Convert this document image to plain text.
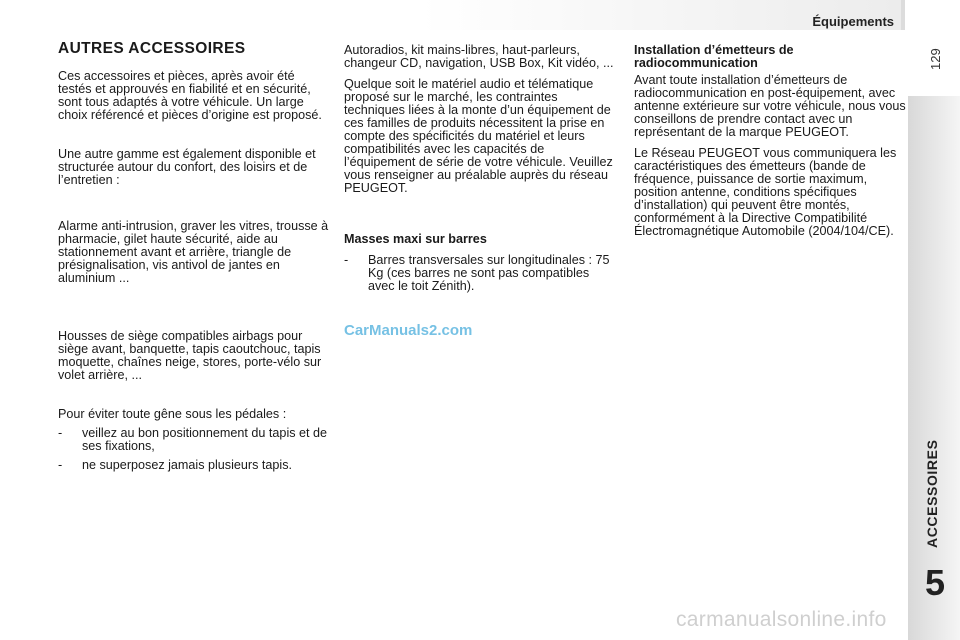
Équipements
129
ACCESSOIRES
5
AUTRES ACCESSOIRES

Ces accessoires et pièces, après avoir été testés et approuvés en fiabilité et en sécurité, sont tous adaptés à votre véhicule. Un large choix référencé et pièces d’origine est proposé.

Une autre gamme est également disponible et structurée autour du confort, des loisirs et de l’entretien :

Alarme anti-intrusion, graver les vitres, trousse à pharmacie, gilet haute sécurité, aide au stationnement avant et arrière, triangle de présignalisation, vis antivol de jantes en aluminium ...

Housses de siège compatibles airbags pour siège avant, banquette, tapis caoutchouc, tapis moquette, chaînes neige, stores, porte-vélo sur volet arrière, ...

Pour éviter toute gêne sous les pédales :

-	veillez au bon positionnement du tapis et de ses fixations,
-	ne superposez jamais plusieurs tapis.

Autoradios, kit mains-libres, haut-parleurs, changeur CD, navigation, USB Box, Kit vidéo, ...

Quelque soit le matériel audio et télématique proposé sur le marché, les contraintes techniques liées à la monte d’un équipement de ces familles de produits nécessitent la prise en compte des spécificités du matériel et leurs compatibilités avec les capacités de l’équipement de série de votre véhicule. Veuillez vous renseigner au préalable auprès du réseau PEUGEOT.

Masses maxi sur barres

-	Barres transversales sur longitudinales : 75 Kg (ces barres ne sont pas compatibles avec le toit Zénith).

Installation d’émetteurs de radiocommunication

Avant toute installation d’émetteurs de radiocommunication en post-équipement, avec antenne extérieure sur votre véhicule, nous vous conseillons de prendre contact avec un représentant de la marque PEUGEOT.

Le Réseau PEUGEOT vous communiquera les caractéristiques des émetteurs (bande de fréquence, puissance de sortie maximum, position antenne, conditions spécifiques d’installation) qui peuvent être montés, conformément à la Directive Compatibilité Électromagnétique Automobile (2004/104/CE).

CarManuals2.com
carmanualsonline.info
